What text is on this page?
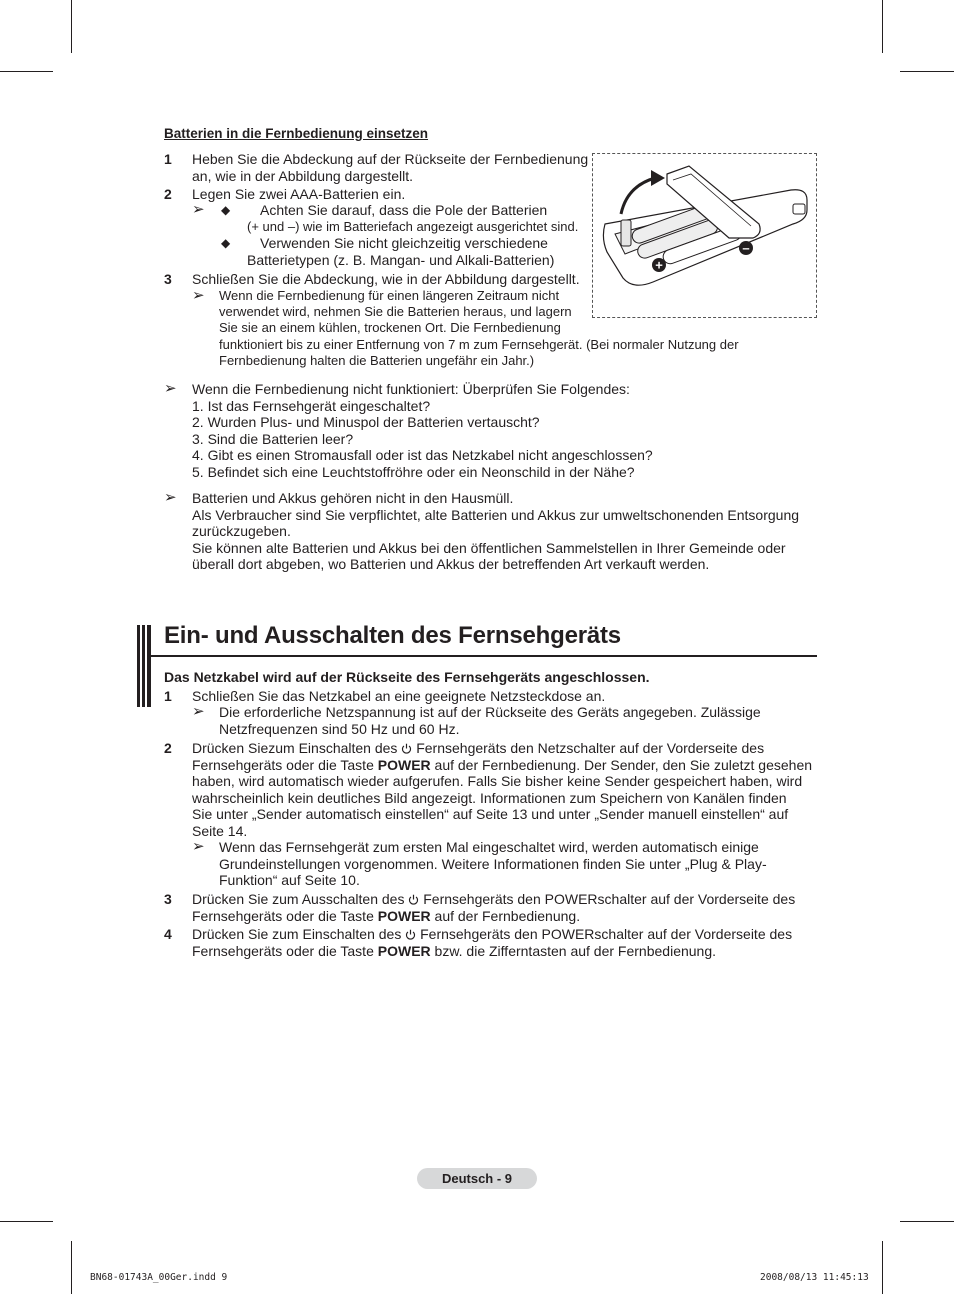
Batterien in die Fernbedienung einsetzen
1 Heben Sie die Abdeckung auf der Rückseite der Fernbedienung
an, wie in der Abbildung dargestellt.
2 Legen Sie zwei AAA-Batterien ein.
➢ ◆	Achten Sie darauf, dass die Pole der Batterien
(+ und –) wie im Batteriefach angezeigt ausgerichtet sind.
◆	Verwenden Sie nicht gleichzeitig verschiedene
Batterietypen (z. B. Mangan- und Alkali-Batterien)
3 Schließen Sie die Abdeckung, wie in der Abbildung dargestellt.
➢ Wenn die Fernbedienung für einen längeren Zeitraum nicht
verwendet wird, nehmen Sie die Batterien heraus, und lagern
Sie sie an einem kühlen, trockenen Ort. Die Fernbedienung
funktioniert bis zu einer Entfernung von 7 m zum Fernsehgerät. (Bei normaler Nutzung der
Fernbedienung halten die Batterien ungefähr ein Jahr.)
+
–
➢ Wenn die Fernbedienung nicht funktioniert: Überprüfen Sie Folgendes:
1. Ist das Fernsehgerät eingeschaltet?
2. Wurden Plus- und Minuspol der Batterien vertauscht?
3. Sind die Batterien leer?
4. Gibt es einen Stromausfall oder ist das Netzkabel nicht angeschlossen?
5. Befindet sich eine Leuchtstoffröhre oder ein Neonschild in der Nähe?
➢ Batterien und Akkus gehören nicht in den Hausmüll.
Als Verbraucher sind Sie verpflichtet, alte Batterien und Akkus zur umweltschonenden Entsorgung
zurückzugeben.
Sie können alte Batterien und Akkus bei den öffentlichen Sammelstellen in Ihrer Gemeinde oder
überall dort abgeben, wo Batterien und Akkus der betreffenden Art verkauft werden.
Ein- und Ausschalten des Fernsehgeräts
Das Netzkabel wird auf der Rückseite des Fernsehgeräts angeschlossen.
1 Schließen Sie das Netzkabel an eine geeignete Netzsteckdose an.
➢ Die erforderliche Netzspannung ist auf der Rückseite des Geräts angegeben. Zulässige
Netzfrequenzen sind 50 Hz und 60 Hz.
2 Drücken Siezum Einschalten des Fernsehgeräts den Netzschalter auf der Vorderseite des
Fernsehgeräts oder die Taste POWER auf der Fernbedienung. Der Sender, den Sie zuletzt gesehen
haben, wird automatisch wieder aufgerufen. Falls Sie bisher keine Sender gespeichert haben, wird
wahrscheinlich kein deutliches Bild angezeigt. Informationen zum Speichern von Kanälen finden
Sie unter „Sender automatisch einstellen“ auf Seite 13 und unter „Sender manuell einstellen“ auf
Seite 14.
➢ Wenn das Fernsehgerät zum ersten Mal eingeschaltet wird, werden automatisch einige
Grundeinstellungen vorgenommen. Weitere Informationen finden Sie unter „Plug & Play-
Funktion“ auf Seite 10.
3 Drücken Sie zum Ausschalten des Fernsehgeräts den POWERschalter auf der Vorderseite des
Fernsehgeräts oder die Taste POWER auf der Fernbedienung.
4 Drücken Sie zum Einschalten des Fernsehgeräts den POWERschalter auf der Vorderseite des
Fernsehgeräts oder die Taste POWER bzw. die Zifferntasten auf der Fernbedienung.
Deutsch - 9
BN68-01743A_00Ger.indd 9	2008/08/13 11:45:13
